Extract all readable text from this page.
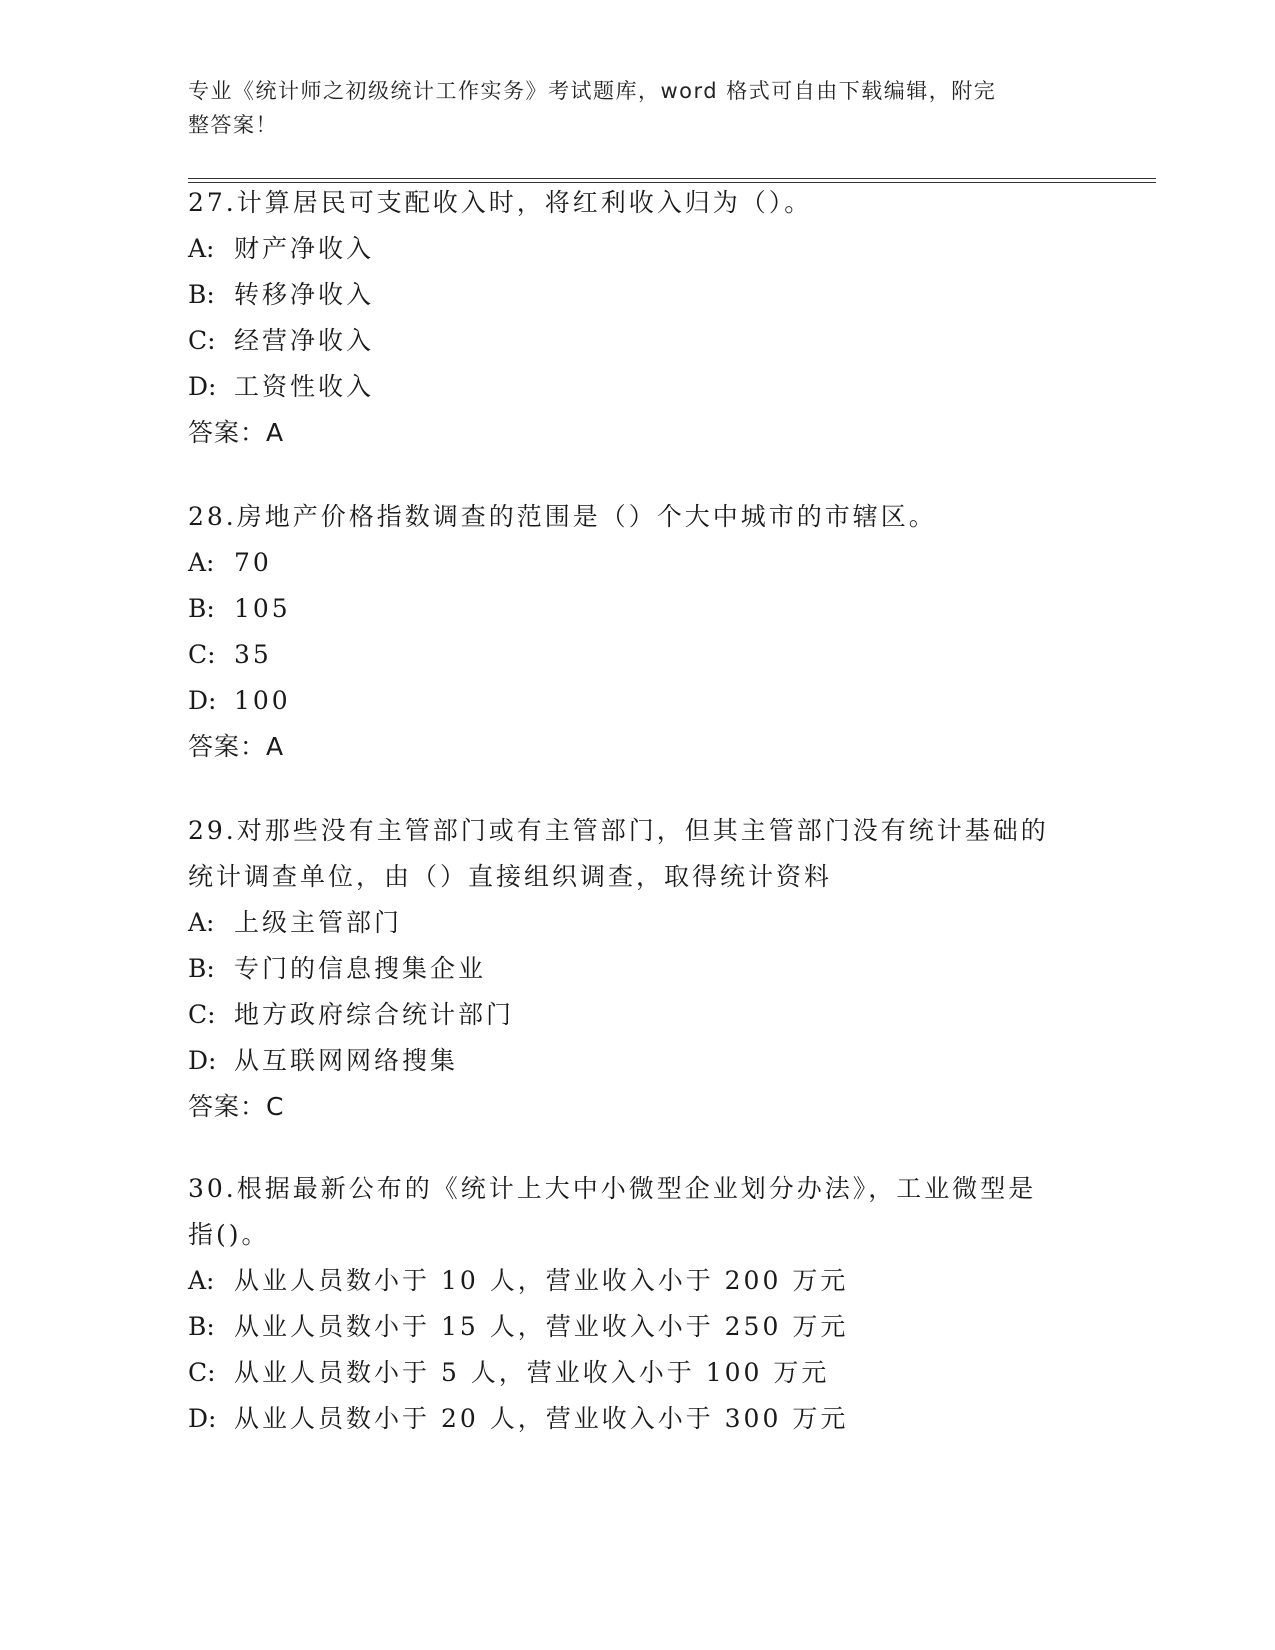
专业《统计师之初级统计工作实务》考试题库，word 格式可自由下载编辑，附完
整答案！
27.计算居民可支配收入时，将红利收入归为（）。
A: 财产净收入
B: 转移净收入
C: 经营净收入
D: 工资性收入
答案：A
28.房地产价格指数调查的范围是（）个大中城市的市辖区。
A: 70
B: 105
C: 35
D: 100
答案：A
29.对那些没有主管部门或有主管部门，但其主管部门没有统计基础的
统计调查单位，由（）直接组织调查，取得统计资料
A: 上级主管部门
B: 专门的信息搜集企业
C: 地方政府综合统计部门
D: 从互联网网络搜集
答案：C
30.根据最新公布的《统计上大中小微型企业划分办法》，工业微型是
指()。
A: 从业人员数小于 10 人，营业收入小于 200 万元
B: 从业人员数小于 15 人，营业收入小于 250 万元
C: 从业人员数小于 5 人，营业收入小于 100 万元
D: 从业人员数小于 20 人，营业收入小于 300 万元
